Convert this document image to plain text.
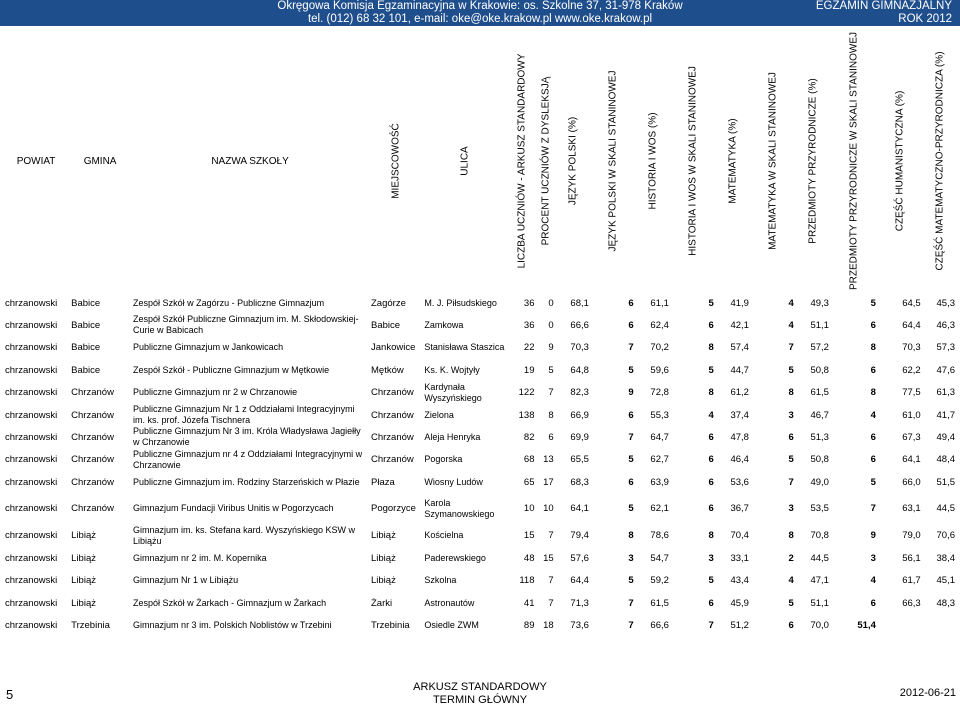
Okręgowa Komisja Egzaminacyjna w Krakowie: os. Szkolne 37, 31-978 Kraków
tel. (012) 68 32 101, e-mail: oke@oke.krakow.pl www.oke.krakow.pl
EGZAMIN GIMNAZJALNY
ROK 2012
POWIAT	GMINA	NAZWA SZKOŁY	MIEJSCOWOŚĆ	ULICA	LICZBA UCZNIÓW - ARKUSZ STANDARDOWY	PROCENT UCZNIÓW Z DYSLEKSJĄ	JĘZYK POLSKI (%)	JĘZYK POLSKI W SKALI STANINOWEJ	HISTORIA I WOS (%)	HISTORIA I WOS W SKALI STANINOWEJ	MATEMATYKA (%)	MATEMATYKA W SKALI STANINOWEJ	PRZEDMIOTY PRZYRODNICZE (%)	PRZEDMIOTY PRZYRODNICZE W SKALI STANINOWEJ	CZĘŚĆ HUMANISTYCZNA (%)	CZĘŚĆ MATEMATYCZNO-PRZYRODNICZA (%)

chrzanowski	Babice	Zespół Szkół w Zagórzu - Publiczne Gimnazjum	Zagórze	M. J. Piłsudskiego	36	0	68,1	6	61,1	5	41,9	4	49,3	5	64,5	45,3
chrzanowski	Babice	Zespół Szkół Publiczne Gimnazjum im. M. Skłodowskiej-Curie w Babicach	Babice	Zamkowa	36	0	66,6	6	62,4	6	42,1	4	51,1	6	64,4	46,3
chrzanowski	Babice	Publiczne Gimnazjum w Jankowicach	Jankowice	Stanisława Staszica	22	9	70,3	7	70,2	8	57,4	7	57,2	8	70,3	57,3
chrzanowski	Babice	Zespół Szkół - Publiczne Gimnazjum w Mętkowie	Mętków	Ks. K. Wojtyły	19	5	64,8	5	59,6	5	44,7	5	50,8	6	62,2	47,6
chrzanowski	Chrzanów	Publiczne Gimnazjum nr 2 w Chrzanowie	Chrzanów	Kardynała Wyszyńskiego	122	7	82,3	9	72,8	8	61,2	8	61,5	8	77,5	61,3
chrzanowski	Chrzanów	Publiczne Gimnazjum Nr 1 z Oddziałami Integracyjnymi im. ks. prof. Józefa Tischnera	Chrzanów	Zielona	138	8	66,9	6	55,3	4	37,4	3	46,7	4	61,0	41,7
chrzanowski	Chrzanów	Publiczne Gimnazjum Nr 3 im. Króla Władysława Jagiełły w Chrzanowie	Chrzanów	Aleja Henryka	82	6	69,9	7	64,7	6	47,8	6	51,3	6	67,3	49,4
chrzanowski	Chrzanów	Publiczne Gimnazjum nr 4 z Oddziałami Integracyjnymi w Chrzanowie	Chrzanów	Pogorska	68	13	65,5	5	62,7	6	46,4	5	50,8	6	64,1	48,4
chrzanowski	Chrzanów	Publiczne Gimnazjum im. Rodziny Starzeńskich w Płazie	Płaza	Wiosny Ludów	65	17	68,3	6	63,9	6	53,6	7	49,0	5	66,0	51,5
chrzanowski	Chrzanów	Gimnazjum Fundacji Viribus Unitis w Pogorzycach	Pogorzyce	Karola Szymanowskiego	10	10	64,1	5	62,1	6	36,7	3	53,5	7	63,1	44,5
chrzanowski	Libiąż	Gimnazjum im. ks. Stefana kard. Wyszyńskiego KSW w Libiążu	Libiąż	Kościelna	15	7	79,4	8	78,6	8	70,4	8	70,8	9	79,0	70,6
chrzanowski	Libiąż	Gimnazjum nr 2 im. M. Kopernika	Libiąż	Paderewskiego	48	15	57,6	3	54,7	3	33,1	2	44,5	3	56,1	38,4
chrzanowski	Libiąż	Gimnazjum Nr 1 w Libiążu	Libiąż	Szkolna	118	7	64,4	5	59,2	5	43,4	4	47,1	4	61,7	45,1
chrzanowski	Libiąż	Zespół Szkół w Żarkach - Gimnazjum w Żarkach	Żarki	Astronautów	41	7	71,3	7	61,5	6	45,9	5	51,1	6	66,3	48,3
chrzanowski	Trzebinia	Gimnazjum nr 3 im. Polskich Noblistów w Trzebini	Trzebinia	Osiedle ZWM	89	18	73,6	7	66,6	7	51,2	6	70,0	51,4		
5	ARKUSZ STANDARDOWY
TERMIN GŁÓWNY
2012-06-21
